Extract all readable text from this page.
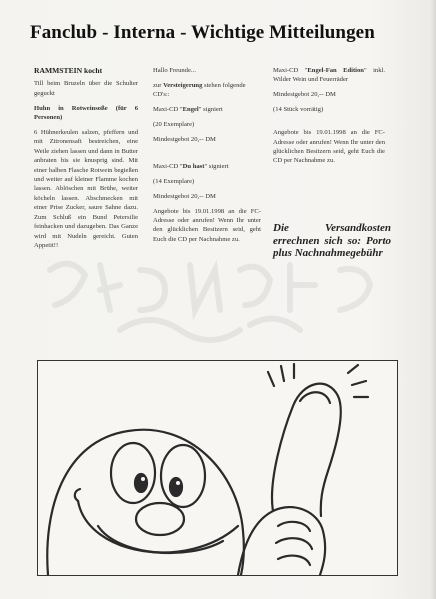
Fanclub - Interna - Wichtige Mitteilungen

RAMMSTEIN kocht

Till beim Bruzeln über die Schulter geguckt

Huhn in Rotweinsoße (für 6 Personen)

6 Hühnerkeulen salzen, pfeffern und mit Zitronensaft bestreichen, eine Weile ziehen lassen und dann in Butter anbraten bis sie knusprig sind. Mit einer halben Flasche Rotwein begießen und weiter auf kleiner Flamme kochen lassen. Ablöschen mit Brühe, weiter köcheln lassen. Abschmecken mit einer Prise Zucker, saure Sahne dazu. Zum Schluß ein Bund Petersilie feinhacken und dazugeben. Das Ganze wird mit Nudeln gereicht. Guten Appetit!!

Hallo Freunde...

zur Versteigerung stehen folgende CD's::

Maxi-CD "Engel" signiert

(20 Exemplare)

Mindestgebot 20,-- DM

Maxi-CD "Du hast" signiert

(14 Exemplare)

Mindestgebot 20,-- DM

Angebote bis 19.01.1998 an die FC-Adresse oder anrufen! Wenn Ihr unter den glücklichen Besitzern seid, geht Euch die CD per Nachnahme zu.

Maxi-CD "Engel-Fan Edition" inkl. Wilder Wein und Feuerräder

Mindestgebot 20,-- DM

(14 Stück vorrätig)

Angebote bis 19.01.1998 an die FC-Adresse oder anrufen! Wenn Ihr unter den glücklichen Besitzern seid, geht Euch die CD per Nachnahme zu.

Die Versandkosten errechnen sich so: Porto plus Nachnahmegebühr
